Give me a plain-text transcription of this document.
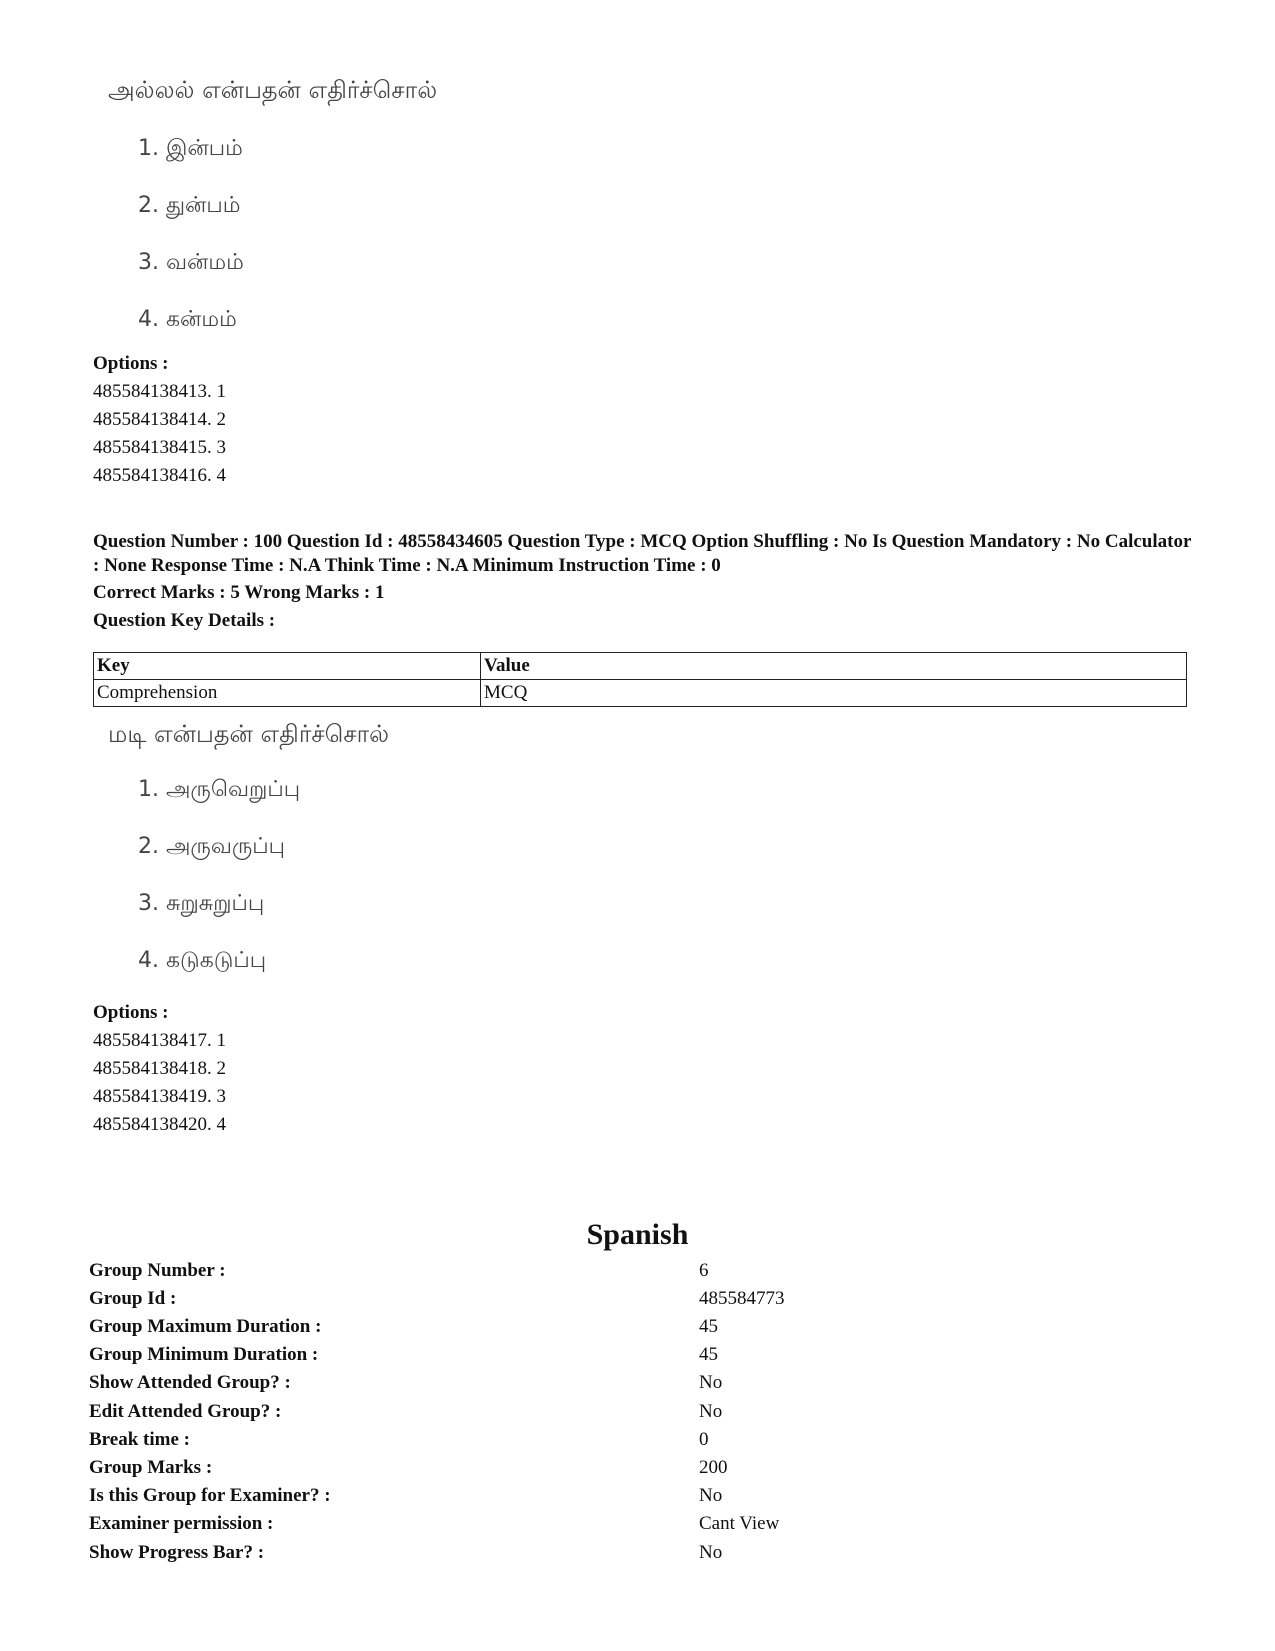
அல்லல் என்பதன் எதிர்ச்சொல்

1. இன்பம்
2. துன்பம்
3. வன்மம்
4. கன்மம்
Options :
485584138413. 1
485584138414. 2
485584138415. 3
485584138416. 4
Question Number : 100 Question Id : 48558434605 Question Type : MCQ Option Shuffling : No Is Question Mandatory : No Calculator : None Response Time : N.A Think Time : N.A Minimum Instruction Time : 0
Correct Marks : 5 Wrong Marks : 1
Question Key Details :
Key	Value
Comprehension	MCQ

மடி என்பதன் எதிர்ச்சொல்

1. அருவெறுப்பு
2. அருவருப்பு
3. சுறுசுறுப்பு
4. கடுகடுப்பு
Options :
485584138417. 1
485584138418. 2
485584138419. 3
485584138420. 4
Spanish
Group Number :	6
Group Id :	485584773
Group Maximum Duration :	45
Group Minimum Duration :	45
Show Attended Group? :	No
Edit Attended Group? :	No
Break time :	0
Group Marks :	200
Is this Group for Examiner? :	No
Examiner permission :	Cant View
Show Progress Bar? :	No
